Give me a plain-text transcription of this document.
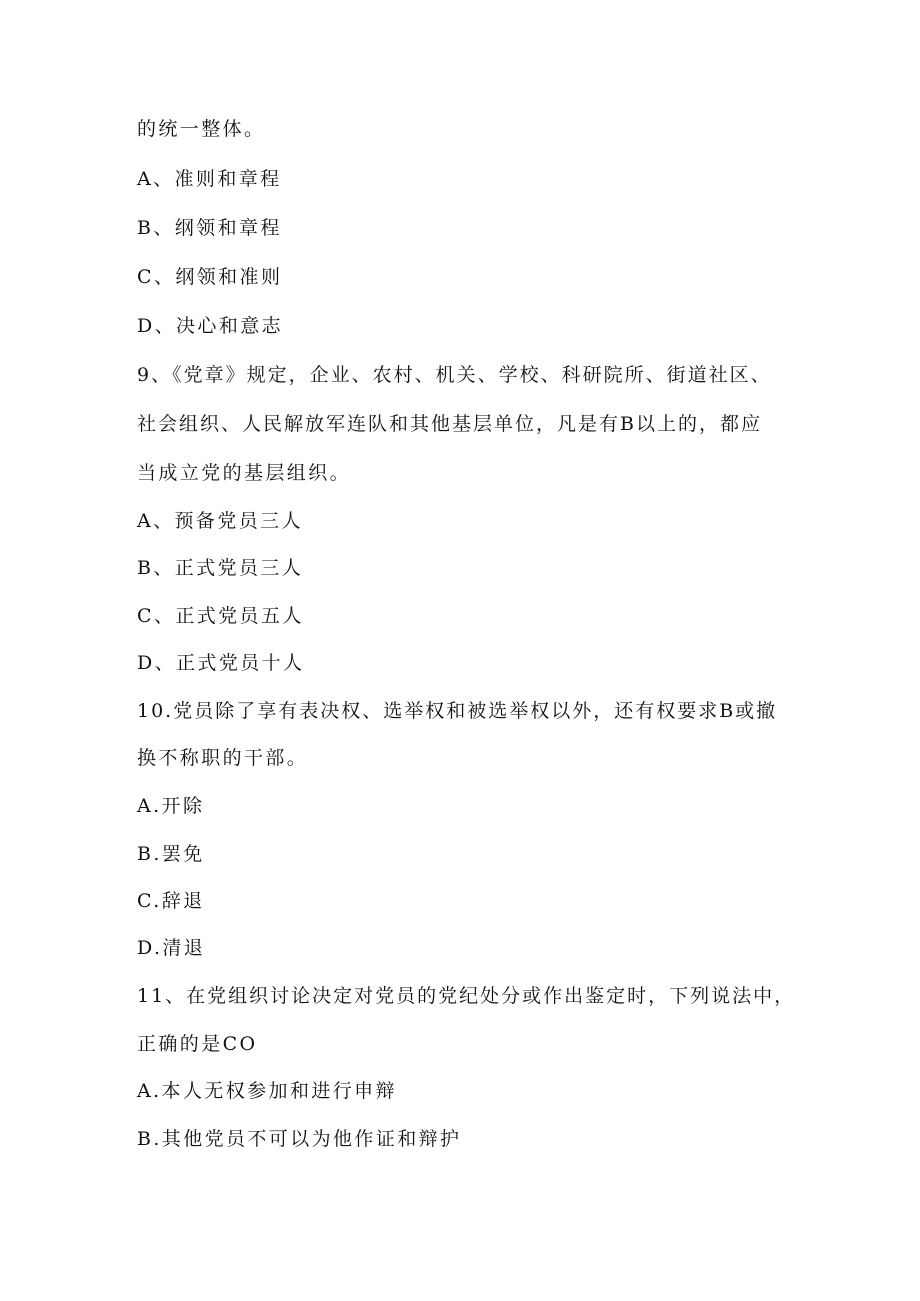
的统一整体。
A、准则和章程
B、纲领和章程
C、纲领和准则
D、决心和意志
9、《党章》规定，企业、农村、机关、学校、科研院所、街道社区、
社会组织、人民解放军连队和其他基层单位，凡是有B以上的，都应
当成立党的基层组织。
A、预备党员三人
B、正式党员三人
C、正式党员五人
D、正式党员十人
10.党员除了享有表决权、选举权和被选举权以外，还有权要求B或撤
换不称职的干部。
A.开除
B.罢免
C.辞退
D.清退
11、在党组织讨论决定对党员的党纪处分或作出鉴定时，下列说法中，
正确的是CO
A.本人无权参加和进行申辩
B.其他党员不可以为他作证和辩护
